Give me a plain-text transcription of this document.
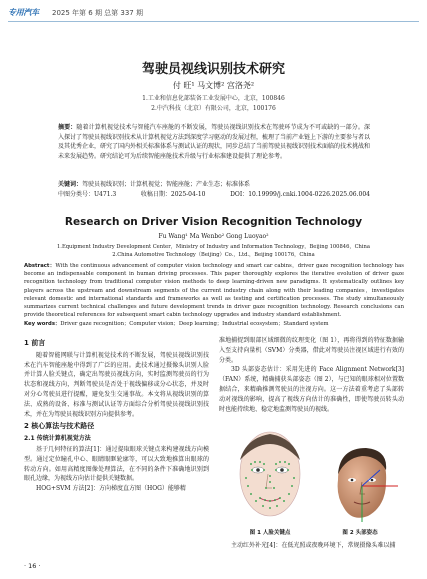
专用汽车	2025 年第 6 期 总第 337 期
驾驶员视线识别技术研究
付 旺¹ 马文博² 宫洛尧²
1.工业和信息化部装备工业发展中心，北京，100846
2.中汽科技（北京）有限公司，北京，100176
摘要：随着计算机视觉技术与智能汽车座舱的不断发展，驾驶员视线识别技术在驾驶环节成为不可或缺的一部分。深入探讨了驾驶员视线识别技术从计算机视觉方法到深度学习驱动的发展过程，梳理了当前产业链上下游的主要参与者以及其优秀企业，研究了国内外相关标准体系与测试认证的现状，同步总结了当前驾驶员视线识别技术面临的技术挑战和未来发展趋势。研究结论可为后续智能座舱技术升级与行业标准建设提供了理论参考。
关键词：驾驶员视线识别；计算机视觉；智能座舱；产业生态；标准体系
中图分类号：U471.3	收稿日期：2025-04-10	DOI：10.19999/j.cnki.1004-0226.2025.06.004
Research on Driver Vision Recognition Technology
Fu Wang¹ Ma Wenbo² Gong Luoyao²
1.Equipment Industry Development Center，Ministry of Industry and Information Technology，Beijing 100846，China
2.China Automotive Technology（Beijing）Co.，Ltd.，Beijing 100176，China
Abstract：With the continuous advancement of computer vision technology and smart car cabins，driver gaze recognition technology has become an indispensable component in human driving processes. This paper thoroughly explores the iterative evolution of driver gaze recognition technology from traditional computer vision methods to deep learning-driven new paradigms. It systematically outlines key players across the upstream and downstream segments of the current industry chain along with their leading companies，investigates relevant domestic and international standards and frameworks as well as testing and certification processes. The study simultaneously summarizes current technical challenges and future development trends in driver gaze recognition technology. Research conclusions can provide theoretical references for subsequent smart cabin technology upgrades and industry standard establishment.
Key words：Driver gaze recognition；Computer vision；Deep learning；Industrial ecosystem；Standard system
1 前言

随着智能网联与计算机视觉技术的不断发展，驾驶员视线识别技术在汽车智能座舱中得到了广泛的应用。此技术通过摄像头识别人脸并计算人脸关键点，确定出驾驶员视线方向，实时监测驾驶员的行为状态和视线方向，判断驾驶员是否处于视线偏移或分心状态，并及时对分心驾驶员进行提醒，避免发生交通事故。本文将从视线识别的算法、成熟的设备、标准与测试认证等方面综合分析驾驶员视线识别技术，并在为驾驶员视线识别方向提供参考。

2 核心算法与技术路径
2.1 传统计算机视觉方法

基于几何特征的算法[1]：通过提取眼球关键点来构建视线方向模型。通过定位瞳孔中心、眼睛眼眶轮廓等，可以大致地推算出眼球的转动方向。如用高精度图像处理算法，在不同的条件下准确地识别到眼孔边缘，为视线方向估计提供关键数据。

HOG+SVM 方法[2]：方向梯度直方图（HOG）能够精

准地捕捉到眼部区域细微的纹理变化（图 1），再将得到的特征数据输入至支持向量机（SVM）分类器，借此对驾驶员注视区域进行有效的分类。

3D 头部姿态估计：采用先进的 Face Alignment Network[3]（FAN）系统，精确捕获头部姿态（图 2），与已知的眼球相对位置数据结合，来精确推测驾驶员的注视方向。这一方法着重考虑了头部转动对视线的影响，提高了视线方向估计的准确性，即使驾驶员转头动时也能持续地、稳定地监测驾驶员的视线。

图 1 人脸关键点	图 2 头部姿态
主动红外补光[4]：在低光照或夜晚环境下，常规摄像头难以捕
· 16 ·
